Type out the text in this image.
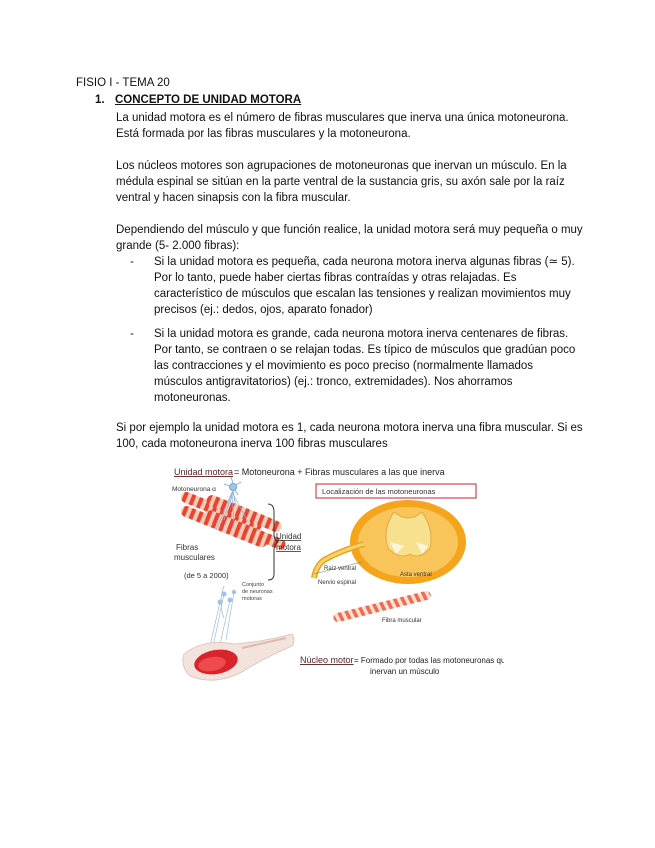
FISIO I - TEMA 20
1. CONCEPTO DE UNIDAD MOTORA
La unidad motora es el número de fibras musculares que inerva una única motoneurona. Está formada por las fibras musculares y la motoneurona.
Los núcleos motores son agrupaciones de motoneuronas que inervan un músculo. En la médula espinal se sitúan en la parte ventral de la sustancia gris, su axón sale por la raíz ventral y hacen sinapsis con la fibra muscular.
Dependiendo del músculo y que función realice, la unidad motora será muy pequeña o muy grande (5- 2.000 fibras):
- Si la unidad motora es pequeña, cada neurona motora inerva algunas fibras (≃ 5). Por lo tanto, puede haber ciertas fibras contraídas y otras relajadas. Es característico de músculos que escalan las tensiones y realizan movimientos muy precisos (ej.: dedos, ojos, aparato fonador)
- Si la unidad motora es grande, cada neurona motora inerva centenares de fibras. Por tanto, se contraen o se relajan todas. Es típico de músculos que gradúan poco las contracciones y el movimiento es poco preciso (normalmente llamados músculos antigravitatorios) (ej.: tronco, extremidades). Nos ahorramos motoneuronas.
Si por ejemplo la unidad motora es 1, cada neurona motora inerva una fibra muscular. Si es 100, cada motoneurona inerva 100 fibras musculares
Unidad motora = Motoneurona + Fibras musculares a las que inerva
Motoneurona α
Fibras
musculares
(de 5 a 2000)
Unidad
motora
Localización de las motoneuronas
Raíz ventral
Nervio espinal
Asta ventral
Fibra muscular
Conjunto
de neuronas
motoras
Núcleo motor = Formado por todas las motoneuronas que
inervan un músculo
